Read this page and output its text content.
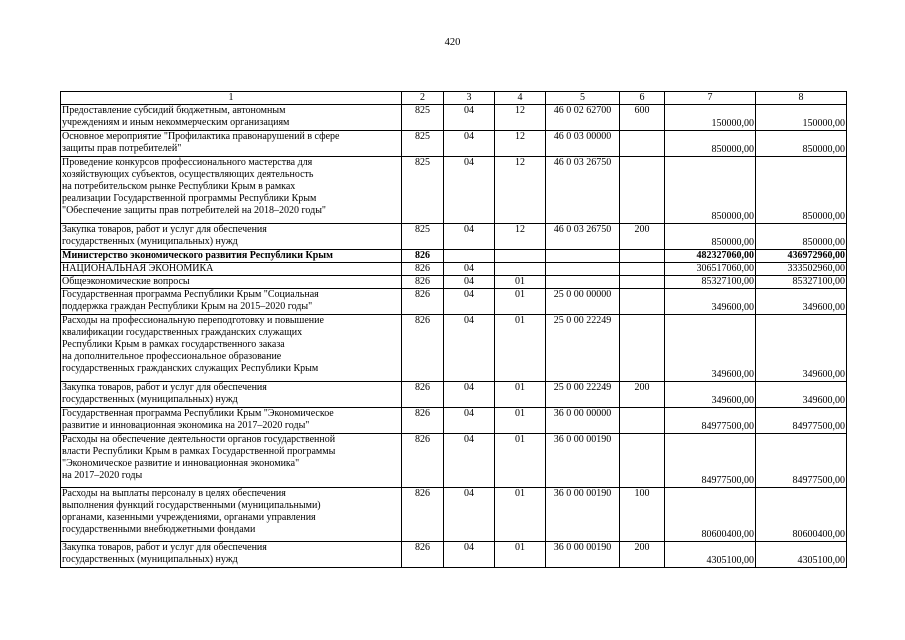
420
1	2	3	4	5	6	7	8
Предоставление субсидий бюджетным, автономным
учреждениям и иным некоммерческим организациям	825	04	12	46 0 02 62700	600	150000,00	150000,00
Основное мероприятие "Профилактика правонарушений в сфере
защиты прав потребителей"	825	04	12	46 0 03 00000		850000,00	850000,00
Проведение конкурсов профессионального мастерства для
хозяйствующих субъектов, осуществляющих деятельность
на потребительском рынке Республики Крым в рамках
реализации Государственной программы Республики Крым
"Обеспечение защиты прав потребителей на 2018–2020 годы"	825	04	12	46 0 03 26750		850000,00	850000,00
Закупка товаров, работ и услуг для обеспечения
государственных (муниципальных) нужд	825	04	12	46 0 03 26750	200	850000,00	850000,00
Министерство экономического развития Республики Крым	826					482327060,00	436972960,00
НАЦИОНАЛЬНАЯ ЭКОНОМИКА	826	04				306517060,00	333502960,00
Общеэкономические вопросы	826	04	01			85327100,00	85327100,00
Государственная программа Республики Крым "Социальная
поддержка граждан Республики Крым на 2015–2020 годы"	826	04	01	25 0 00 00000		349600,00	349600,00
Расходы на профессиональную переподготовку и повышение
квалификации государственных гражданских служащих
Республики Крым в рамках государственного заказа
на дополнительное профессиональное образование
государственных гражданских служащих Республики Крым	826	04	01	25 0 00 22249		349600,00	349600,00
Закупка товаров, работ и услуг для обеспечения
государственных (муниципальных) нужд	826	04	01	25 0 00 22249	200	349600,00	349600,00
Государственная программа Республики Крым "Экономическое
развитие и инновационная экономика на 2017–2020 годы"	826	04	01	36 0 00 00000		84977500,00	84977500,00
Расходы на обеспечение деятельности органов государственной
власти Республики Крым в рамках Государственной программы
"Экономическое развитие и инновационная экономика"
на 2017–2020 годы	826	04	01	36 0 00 00190		84977500,00	84977500,00
Расходы на выплаты персоналу в целях обеспечения
выполнения функций государственными (муниципальными)
органами, казенными учреждениями, органами управления
государственными внебюджетными фондами	826	04	01	36 0 00 00190	100	80600400,00	80600400,00
Закупка товаров, работ и услуг для обеспечения
государственных (муниципальных) нужд	826	04	01	36 0 00 00190	200	4305100,00	4305100,00
